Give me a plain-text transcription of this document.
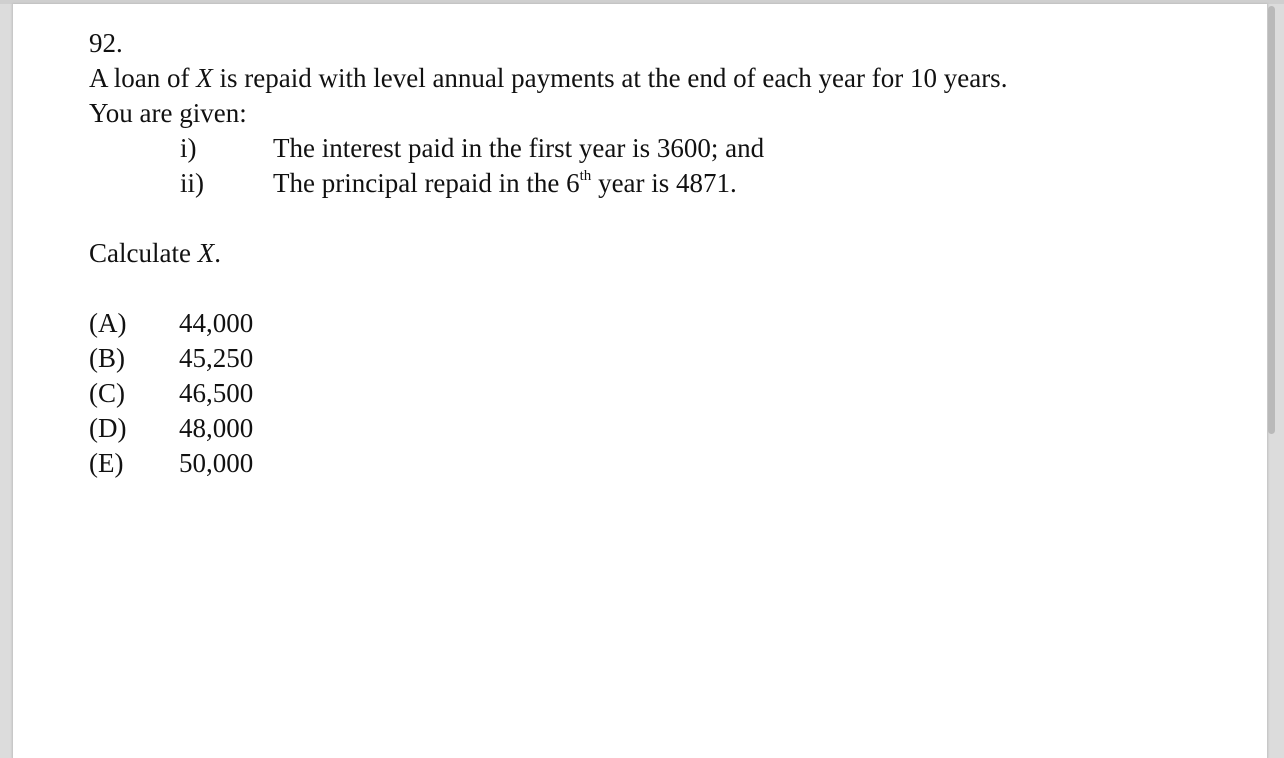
92.
A loan of X is repaid with level annual payments at the end of each year for 10 years.
You are given:
i)	The interest paid in the first year is 3600; and
ii)	The principal repaid in the 6th year is 4871.
Calculate X.
(A) 44,000
(B) 45,250
(C) 46,500
(D) 48,000
(E) 50,000
